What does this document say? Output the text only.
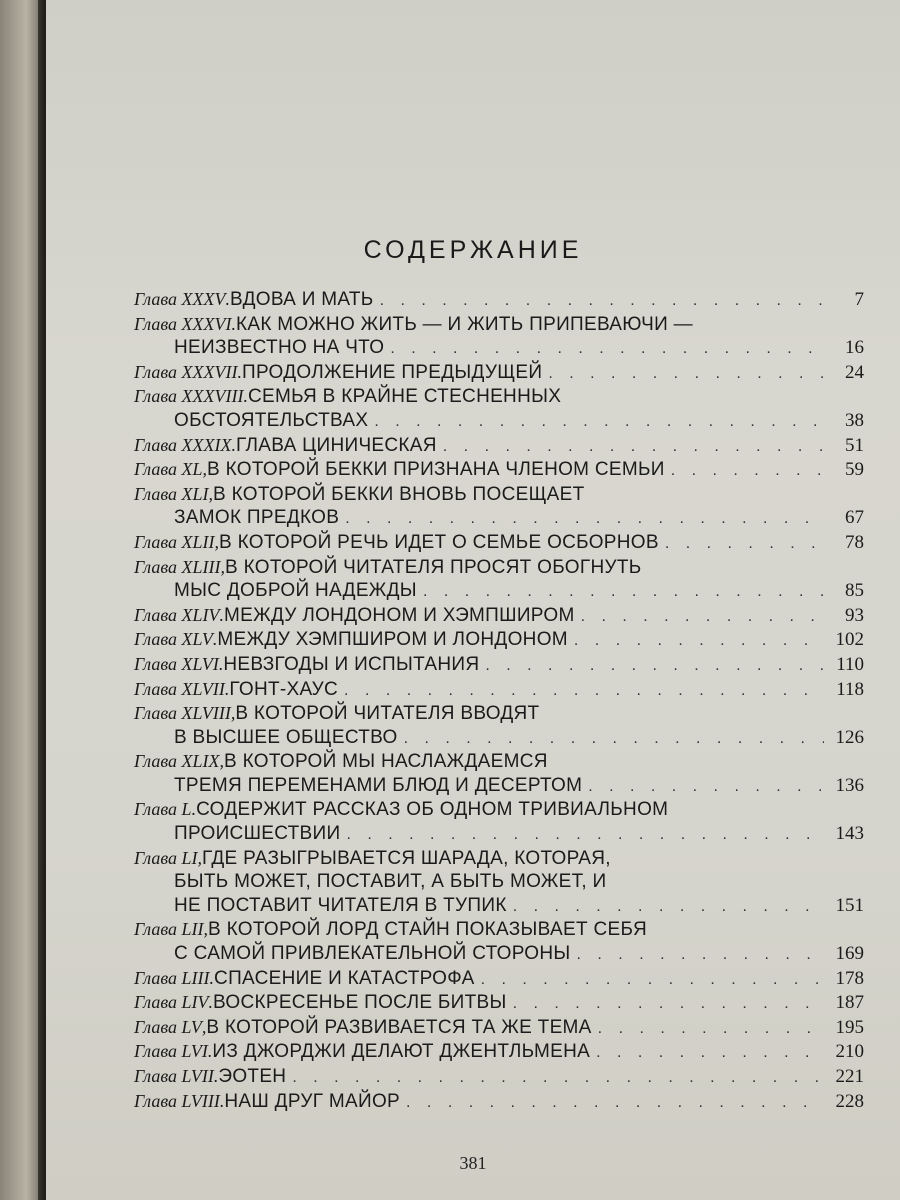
СОДЕРЖАНИЕ
Глава XXXV . ВДОВА И МАТЬ . . .	7
Глава XXXVI . КАК МОЖНО ЖИТЬ — И ЖИТЬ ПРИПЕВАЮЧИ —
НЕИЗВЕСТНО НА ЧТО . . .	16
Глава XXXVII . ПРОДОЛЖЕНИЕ ПРЕДЫДУЩЕЙ . . .	24
Глава XXXVIII . СЕМЬЯ В КРАЙНЕ СТЕСНЕННЫХ
ОБСТОЯТЕЛЬСТВАХ . . .	38
Глава XXXIX . ГЛАВА ЦИНИЧЕСКАЯ . . .	51
Глава XL , В КОТОРОЙ БЕККИ ПРИЗНАНА ЧЛЕНОМ СЕМЬИ . . .	59
Глава XLI , В КОТОРОЙ БЕККИ ВНОВЬ ПОСЕЩАЕТ
ЗАМОК ПРЕДКОВ . . .	67
Глава XLII , В КОТОРОЙ РЕЧЬ ИДЕТ О СЕМЬЕ ОСБОРНОВ . . .	78
Глава XLIII , В КОТОРОЙ ЧИТАТЕЛЯ ПРОСЯТ ОБОГНУТЬ
МЫС ДОБРОЙ НАДЕЖДЫ . . .	85
Глава XLIV . МЕЖДУ ЛОНДОНОМ И ХЭМПШИРОМ . . .	93
Глава XLV . МЕЖДУ ХЭМПШИРОМ И ЛОНДОНОМ . . .	102
Глава XLVI . НЕВЗГОДЫ И ИСПЫТАНИЯ . . .	110
Глава XLVII . ГОНТ-ХАУС . . .	118
Глава XLVIII , В КОТОРОЙ ЧИТАТЕЛЯ ВВОДЯТ
В ВЫСШЕЕ ОБЩЕСТВО . . .	126
Глава XLIX , В КОТОРОЙ МЫ НАСЛАЖДАЕМСЯ
ТРЕМЯ ПЕРЕМЕНАМИ БЛЮД И ДЕСЕРТОМ . . .	136
Глава L . СОДЕРЖИТ РАССКАЗ ОБ ОДНОМ ТРИВИАЛЬНОМ
ПРОИСШЕСТВИИ . . .	143
Глава LI , ГДЕ РАЗЫГРЫВАЕТСЯ ШАРАДА, КОТОРАЯ,
БЫТЬ МОЖЕТ, ПОСТАВИТ, А БЫТЬ МОЖЕТ, И
НЕ ПОСТАВИТ ЧИТАТЕЛЯ В ТУПИК . . .	151
Глава LII , В КОТОРОЙ ЛОРД СТАЙН ПОКАЗЫВАЕТ СЕБЯ
С САМОЙ ПРИВЛЕКАТЕЛЬНОЙ СТОРОНЫ . . .	169
Глава LIII . СПАСЕНИЕ И КАТАСТРОФА . . .	178
Глава LIV . ВОСКРЕСЕНЬЕ ПОСЛЕ БИТВЫ . . .	187
Глава LV , В КОТОРОЙ РАЗВИВАЕТСЯ ТА ЖЕ ТЕМА . . .	195
Глава LVI . ИЗ ДЖОРДЖИ ДЕЛАЮТ ДЖЕНТЛЬМЕНА . . .	210
Глава LVII . ЭОТЕН . . .	221
Глава LVIII . НАШ ДРУГ МАЙОР . . .	228
381
